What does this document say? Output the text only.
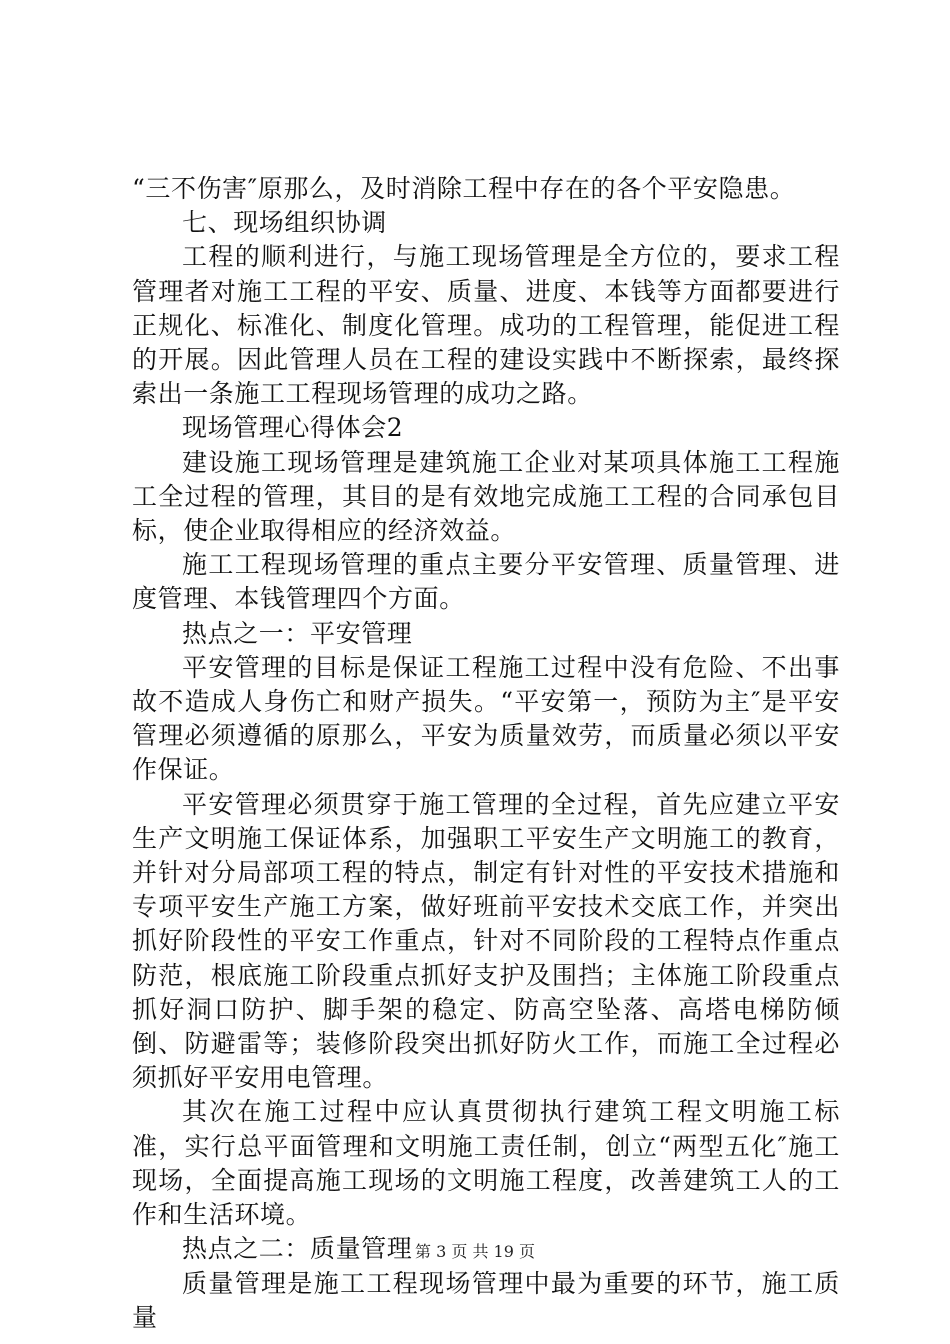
“三不伤害″原那么，及时消除工程中存在的各个平安隐患。

七、现场组织协调

工程的顺利进行，与施工现场管理是全方位的，要求工程管理者对施工工程的平安、质量、进度、本钱等方面都要进行正规化、标准化、制度化管理。成功的工程管理，能促进工程的开展。因此管理人员在工程的建设实践中不断探索，最终探索出一条施工工程现场管理的成功之路。

现场管理心得体会2

建设施工现场管理是建筑施工企业对某项具体施工工程施工全过程的管理，其目的是有效地完成施工工程的合同承包目标，使企业取得相应的经济效益。

施工工程现场管理的重点主要分平安管理、质量管理、进度管理、本钱管理四个方面。

热点之一：平安管理

平安管理的目标是保证工程施工过程中没有危险、不出事故不造成人身伤亡和财产损失。“平安第一，预防为主″是平安管理必须遵循的原那么，平安为质量效劳，而质量必须以平安作保证。

平安管理必须贯穿于施工管理的全过程，首先应建立平安生产文明施工保证体系，加强职工平安生产文明施工的教育，并针对分局部项工程的特点，制定有针对性的平安技术措施和专项平安生产施工方案，做好班前平安技术交底工作，并突出抓好阶段性的平安工作重点，针对不同阶段的工程特点作重点防范，根底施工阶段重点抓好支护及围挡；主体施工阶段重点抓好洞口防护、脚手架的稳定、防高空坠落、高塔电梯防倾倒、防避雷等；装修阶段突出抓好防火工作，而施工全过程必须抓好平安用电管理。

其次在施工过程中应认真贯彻执行建筑工程文明施工标准，实行总平面管理和文明施工责任制，创立“两型五化″施工现场，全面提高施工现场的文明施工程度，改善建筑工人的工作和生活环境。

热点之二：质量管理

质量管理是施工工程现场管理中最为重要的环节，施工质量

第 3 页 共 19 页
